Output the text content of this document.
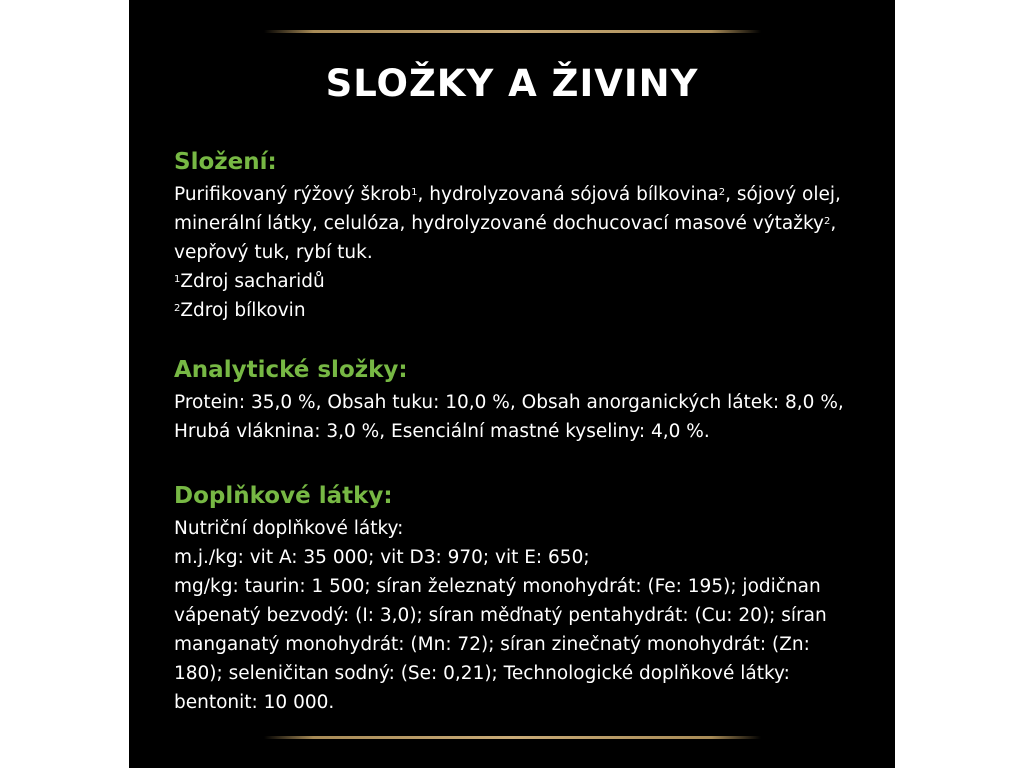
SLOŽKY A ŽIVINY
Složení:
Purifikovaný rýžový škrob$^1$, hydrolyzovaná sójová bílkovina$^2$, sójový olej,
minerální látky, celulóza, hydrolyzované dochucovací masové výtažky$^2$,
vepřový tuk, rybí tuk.
$^1$Zdroj sacharidů
$^2$Zdroj bílkovin
Analytické složky:
Protein: 35,0 %, Obsah tuku: 10,0 %, Obsah anorganických látek: 8,0 %,
Hrubá vláknina: 3,0 %, Esenciální mastné kyseliny: 4,0 %.
Doplňkové látky:
Nutriční doplňkové látky:
m.j./kg: vit A: 35 000; vit D3: 970; vit E: 650;
mg/kg: taurin: 1 500; síran železnatý monohydrát: (Fe: 195); jodičnan
vápenatý bezvodý: (I: 3,0); síran měďnatý pentahydrát: (Cu: 20); síran
manganatý monohydrát: (Mn: 72); síran zinečnatý monohydrát: (Zn:
180); seleničitan sodný: (Se: 0,21); Technologické doplňkové látky:
bentonit: 10 000.
